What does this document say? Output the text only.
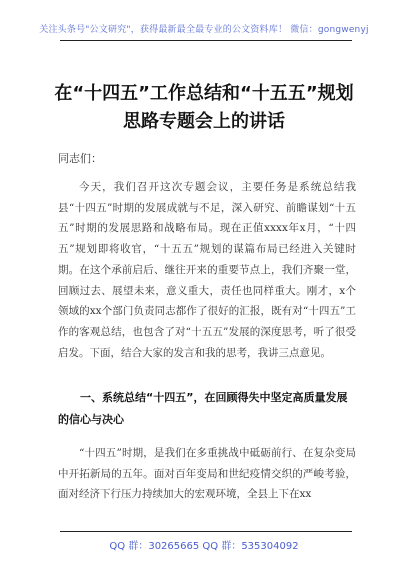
关注头条号"公文研究"，获得最新最全最专业的公文资料库！ 微信：gongwenyj
在“十四五”工作总结和“十五五”规划思路专题会上的讲话
同志们：

今天，我们召开这次专题会议，主要任务是系统总结我县“十四五”时期的发展成就与不足，深入研究、前瞻谋划“十五五”时期的发展思路和战略布局。现在正值xxxx年x月，“十四五”规划即将收官，“十五五”规划的谋篇布局已经进入关键时期。在这个承前启后、继往开来的重要节点上，我们齐聚一堂，回顾过去、展望未来，意义重大，责任也同样重大。刚才，x个领域的xx个部门负责同志都作了很好的汇报，既有对“十四五”工作的客观总结，也包含了对“十五五”发展的深度思考，听了很受启发。下面，结合大家的发言和我的思考，我讲三点意见。

一、系统总结“十四五”，在回顾得失中坚定高质量发展的信心与决心

“十四五”时期，是我们在多重挑战中砥砺前行、在复杂变局中开拓新局的五年。面对百年变局和世纪疫情交织的严峻考验，面对经济下行压力持续加大的宏观环境，全县上下在xx

QQ 群：30265665 QQ 群：535304092
